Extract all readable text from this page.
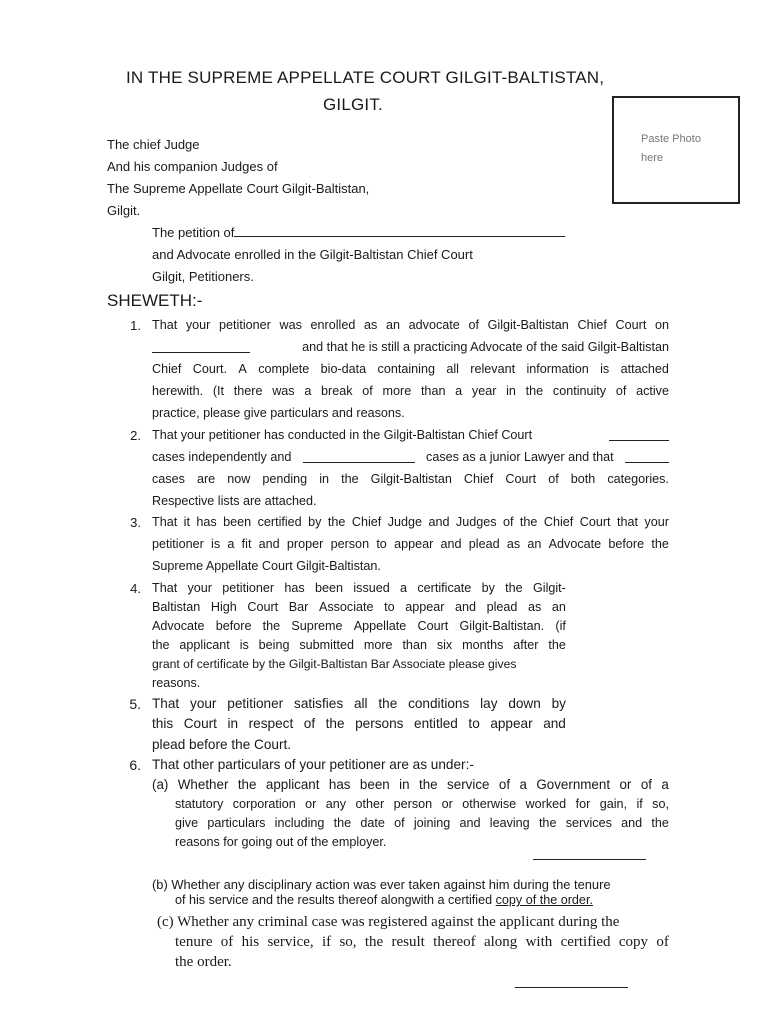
IN THE SUPREME APPELLATE COURT GILGIT-BALTISTAN,
GILGIT.
Paste Photo
here
The chief Judge
And his companion Judges of
The Supreme Appellate Court Gilgit-Baltistan,
Gilgit.
The petition of
and Advocate enrolled in the Gilgit-Baltistan Chief Court
Gilgit, Petitioners.
SHEWETH:-
1. That your petitioner was enrolled as an advocate of Gilgit-Baltistan Chief Court on
and that he is still a practicing Advocate of the said Gilgit-Baltistan
Chief Court. A complete bio-data containing all relevant information is attached
herewith. (It there was a break of more than a year in the continuity of active
practice, please give particulars and reasons.
2. That your petitioner has conducted in the Gilgit-Baltistan Chief Court
cases independently and	cases as a junior Lawyer and that
cases are now pending in the Gilgit-Baltistan Chief Court of both categories.
Respective lists are attached.
3. That it has been certified by the Chief Judge and Judges of the Chief Court that your
petitioner is a fit and proper person to appear and plead as an Advocate before the
Supreme Appellate Court Gilgit-Baltistan.
4. That your petitioner has been issued a certificate by the Gilgit-
Baltistan High Court Bar Associate to appear and plead as an
Advocate before the Supreme Appellate Court Gilgit-Baltistan. (if
the applicant is being submitted more than six months after the
grant of certificate by the Gilgit-Baltistan Bar Associate please gives
reasons.
5. That your petitioner satisfies all the conditions lay down by
this Court in respect of the persons entitled to appear and
plead before the Court.
6. That other particulars of your petitioner are as under:-
(a) Whether the applicant has been in the service of a Government or of a
statutory corporation or any other person or otherwise worked for gain, if so,
give particulars including the date of joining and leaving the services and the
reasons for going out of the employer.
(b) Whether any disciplinary action was ever taken against him during the tenure
of his service and the results thereof alongwith a certified copy of the order.
(c) Whether any criminal case was registered against the applicant during the
tenure of his service, if so, the result thereof along with certified copy of
the order.
